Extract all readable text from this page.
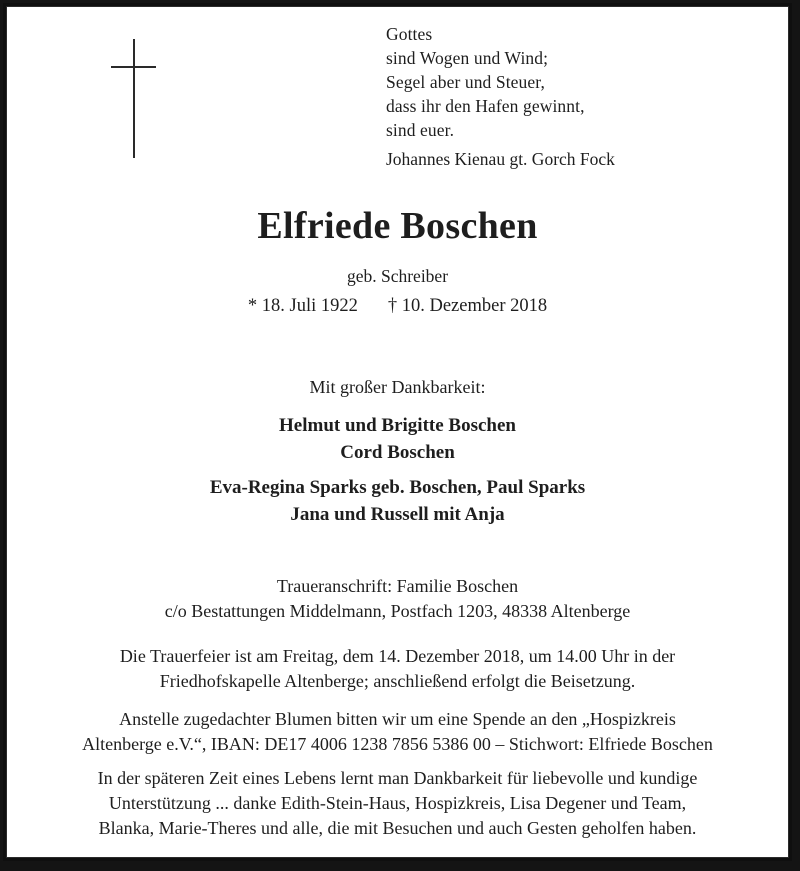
Gottes
sind Wogen und Wind;
Segel aber und Steuer,
dass ihr den Hafen gewinnt,
sind euer.
Johannes Kienau gt. Gorch Fock
Elfriede Boschen
geb. Schreiber
* 18. Juli 1922 † 10. Dezember 2018
Mit großer Dankbarkeit:
Helmut und Brigitte Boschen
Cord Boschen
Eva-Regina Sparks geb. Boschen, Paul Sparks
Jana und Russell mit Anja
Traueranschrift: Familie Boschen
c/o Bestattungen Middelmann, Postfach 1203, 48338 Altenberge
Die Trauerfeier ist am Freitag, dem 14. Dezember 2018, um 14.00 Uhr in der
Friedhofskapelle Altenberge; anschließend erfolgt die Beisetzung.
Anstelle zugedachter Blumen bitten wir um eine Spende an den „Hospizkreis
Altenberge e.V.“, IBAN: DE17 4006 1238 7856 5386 00 – Stichwort: Elfriede Boschen
In der späteren Zeit eines Lebens lernt man Dankbarkeit für liebevolle und kundige
Unterstützung ... danke Edith-Stein-Haus, Hospizkreis, Lisa Degener und Team,
Blanka, Marie-Theres und alle, die mit Besuchen und auch Gesten geholfen haben.
